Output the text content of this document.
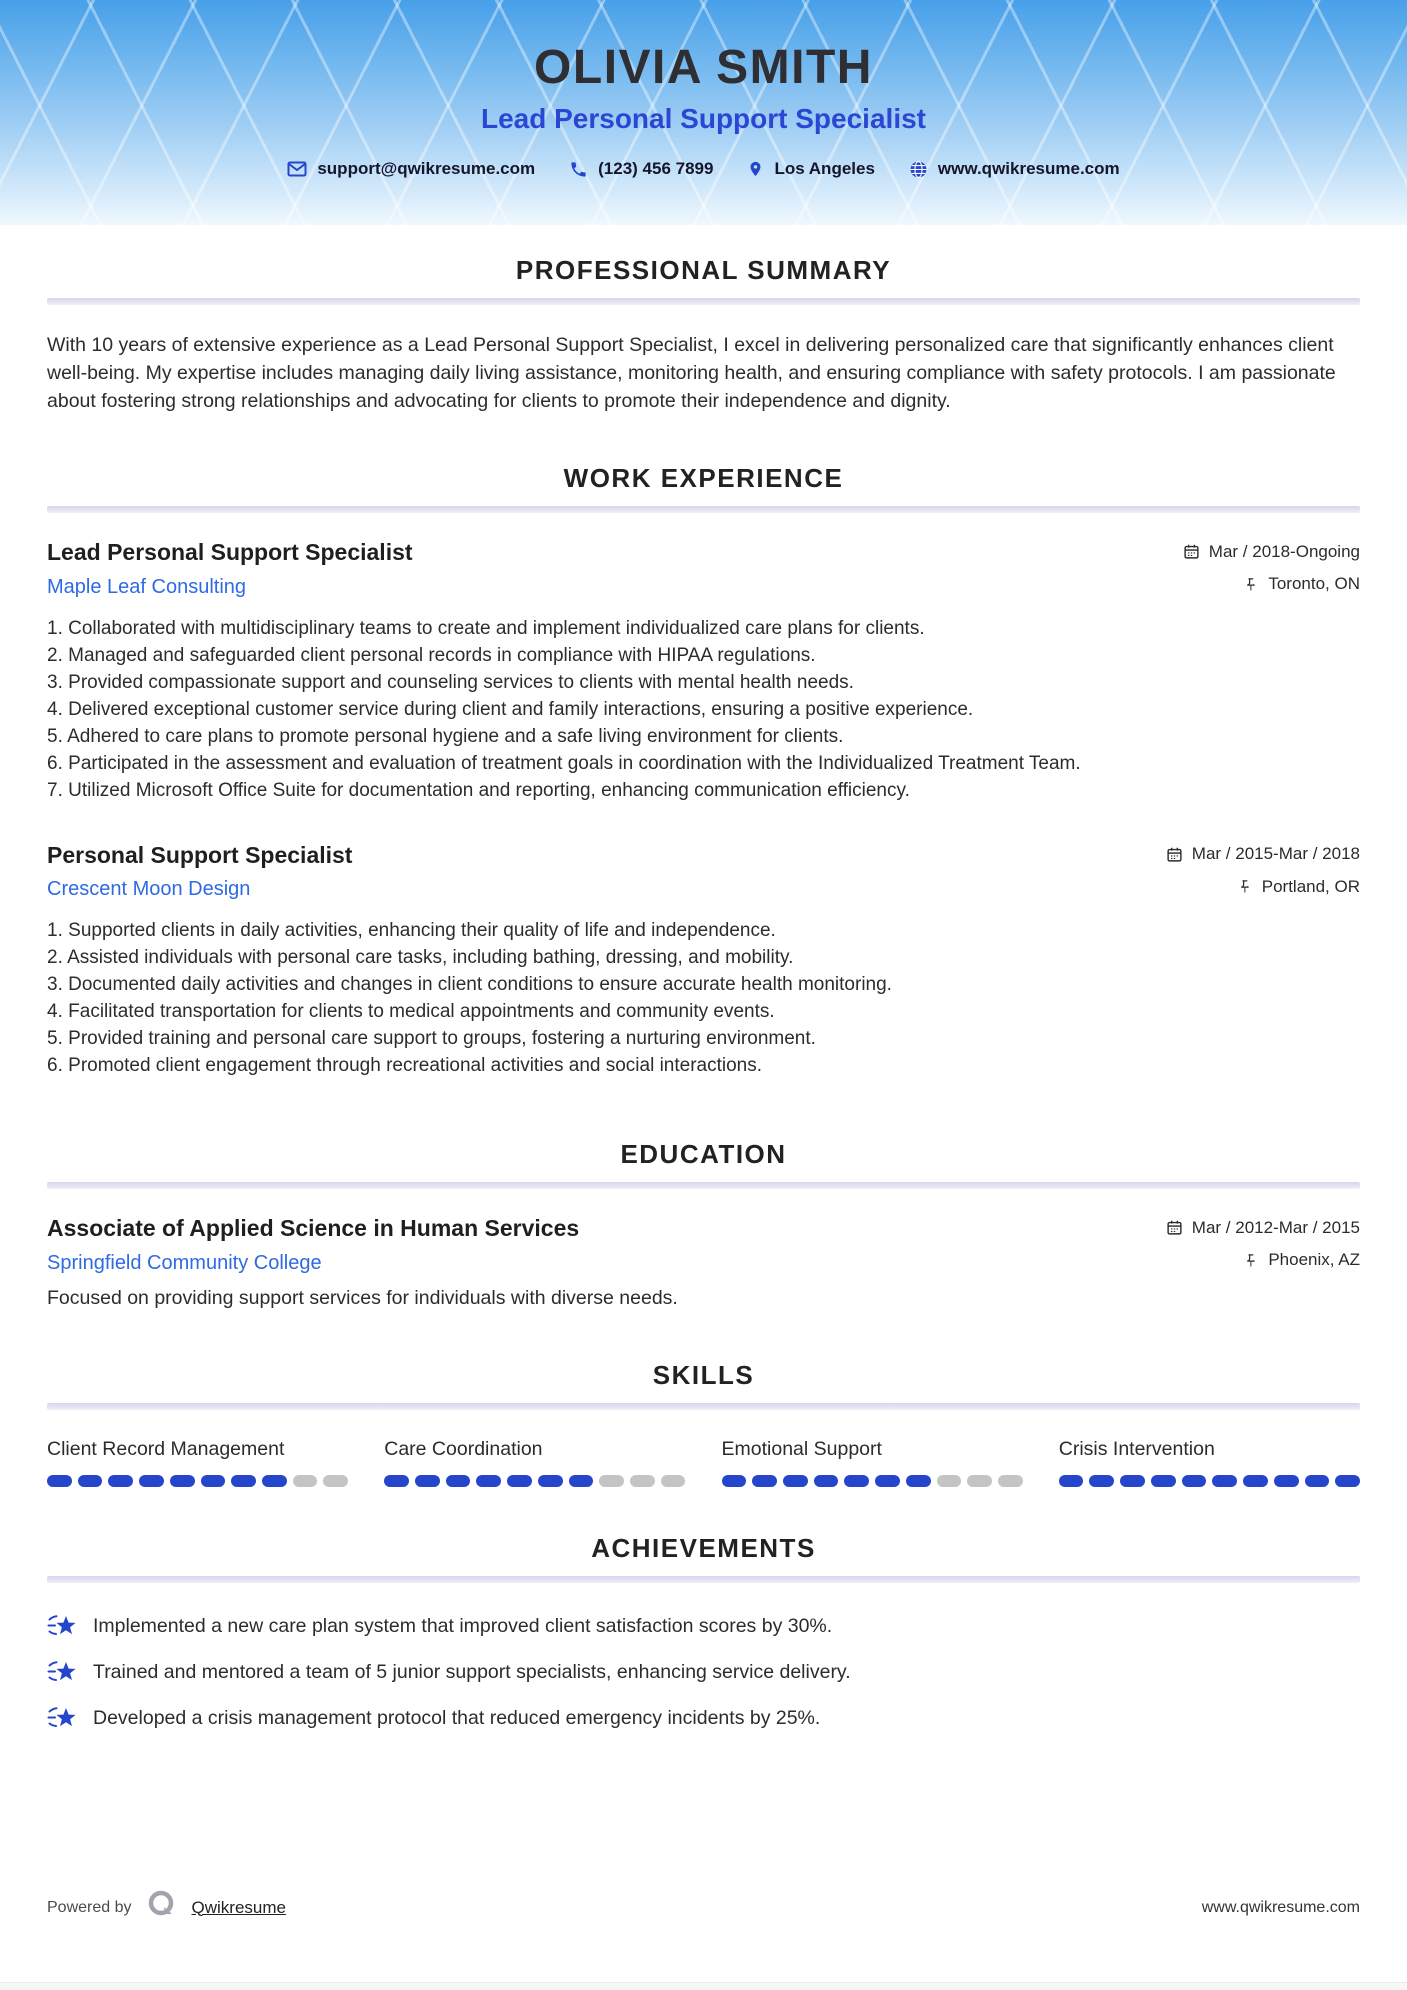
OLIVIA SMITH
Lead Personal Support Specialist
support@qwikresume.com	(123) 456 7899	Los Angeles	www.qwikresume.com
PROFESSIONAL SUMMARY

With 10 years of extensive experience as a Lead Personal Support Specialist, I excel in delivering personalized care that significantly enhances client well-being. My expertise includes managing daily living assistance, monitoring health, and ensuring compliance with safety protocols. I am passionate about fostering strong relationships and advocating for clients to promote their independence and dignity.

WORK EXPERIENCE
Lead Personal Support Specialist	Mar / 2018-Ongoing
Maple Leaf Consulting	Toronto, ON
Collaborated with multidisciplinary teams to create and implement individualized care plans for clients.
Managed and safeguarded client personal records in compliance with HIPAA regulations.
Provided compassionate support and counseling services to clients with mental health needs.
Delivered exceptional customer service during client and family interactions, ensuring a positive experience.
Adhered to care plans to promote personal hygiene and a safe living environment for clients.
Participated in the assessment and evaluation of treatment goals in coordination with the Individualized Treatment Team.
Utilized Microsoft Office Suite for documentation and reporting, enhancing communication efficiency.
Personal Support Specialist	Mar / 2015-Mar / 2018
Crescent Moon Design	Portland, OR
Supported clients in daily activities, enhancing their quality of life and independence.
Assisted individuals with personal care tasks, including bathing, dressing, and mobility.
Documented daily activities and changes in client conditions to ensure accurate health monitoring.
Facilitated transportation for clients to medical appointments and community events.
Provided training and personal care support to groups, fostering a nurturing environment.
Promoted client engagement through recreational activities and social interactions.
EDUCATION
Associate of Applied Science in Human Services	Mar / 2012-Mar / 2015
Springfield Community College	Phoenix, AZ
Focused on providing support services for individuals with diverse needs.
SKILLS
Client Record Management	Care Coordination	Emotional Support	Crisis Intervention
ACHIEVEMENTS
Implemented a new care plan system that improved client satisfaction scores by 30%.
Trained and mentored a team of 5 junior support specialists, enhancing service delivery.
Developed a crisis management protocol that reduced emergency incidents by 25%.
Powered by	Qwikresume	www.qwikresume.com
